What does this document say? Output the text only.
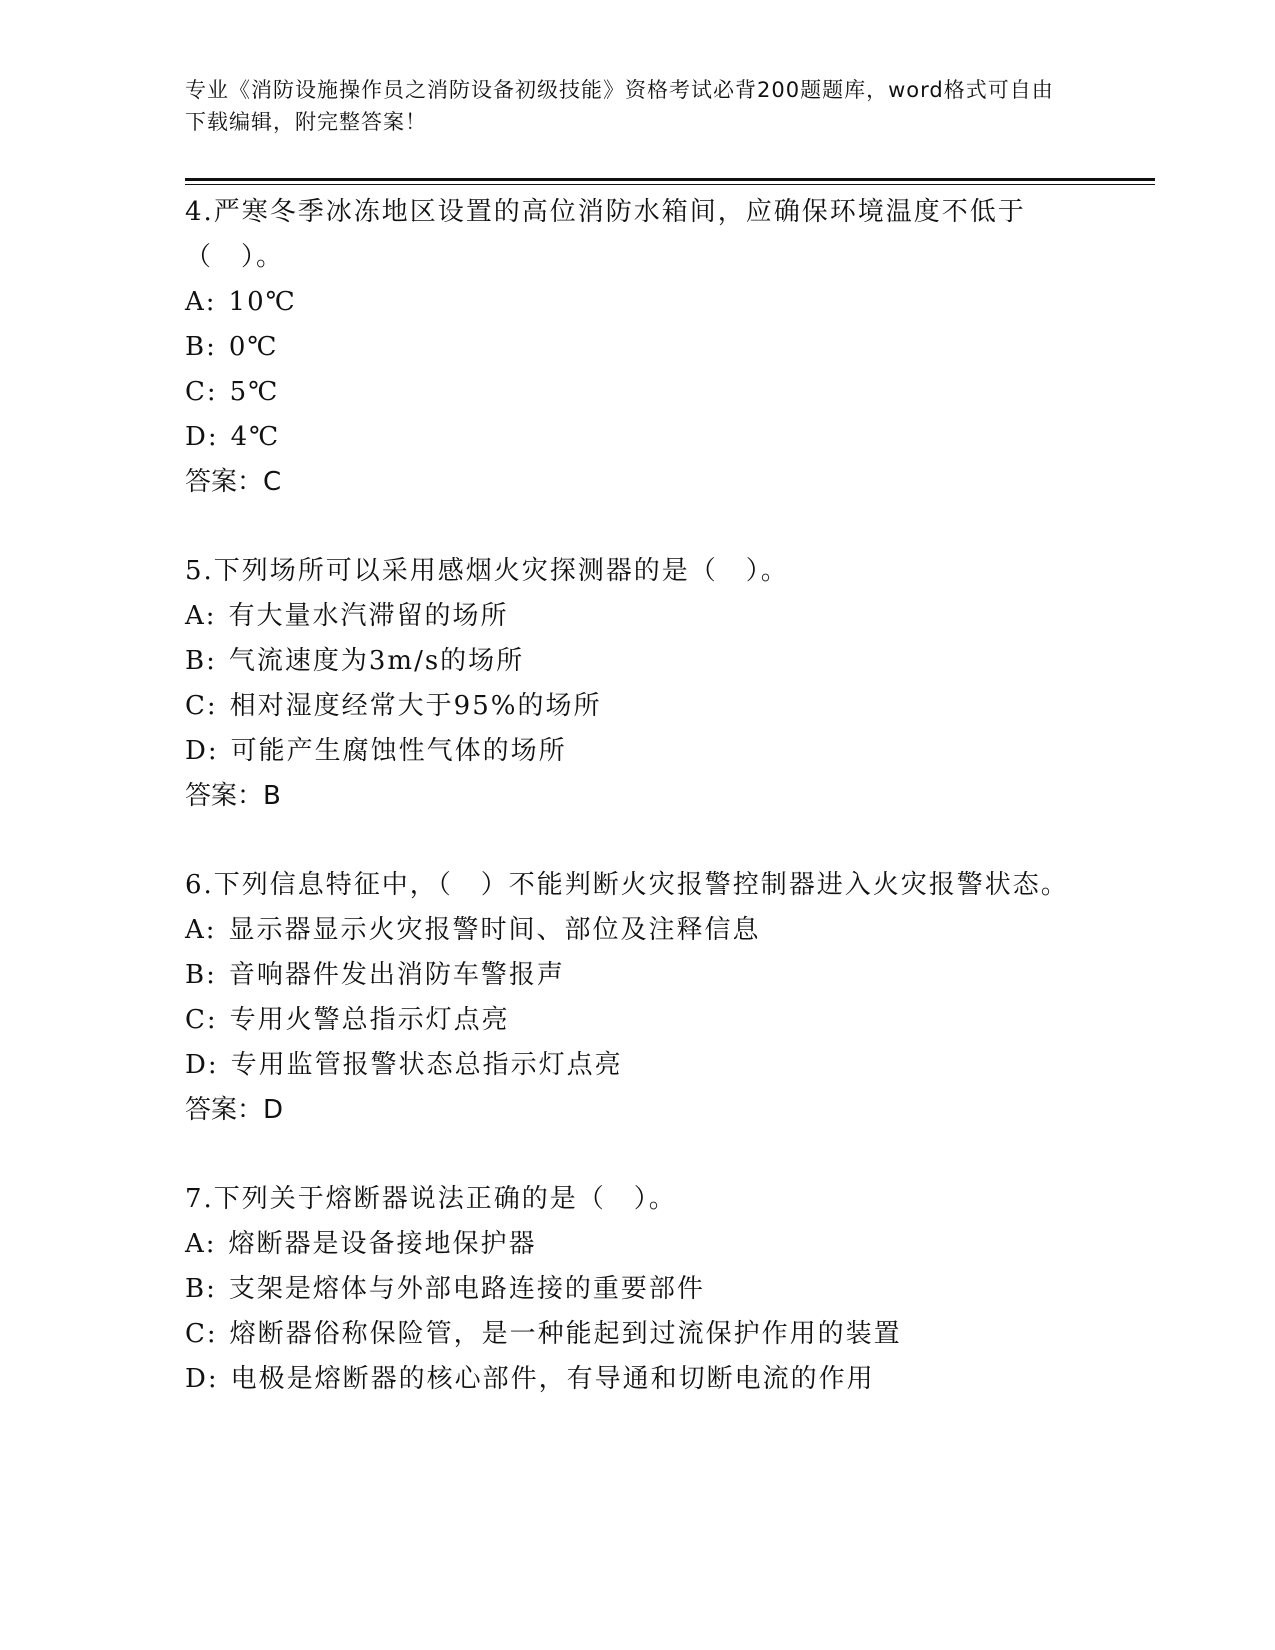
专业《消防设施操作员之消防设备初级技能》资格考试必背200题题库，word格式可自由下载编辑，附完整答案！
4.严寒冬季冰冻地区设置的高位消防水箱间，应确保环境温度不低于（　）。
A: 10℃
B: 0℃
C: 5℃
D: 4℃
答案：C
5.下列场所可以采用感烟火灾探测器的是（　）。
A: 有大量水汽滞留的场所
B: 气流速度为3m/s的场所
C: 相对湿度经常大于95%的场所
D: 可能产生腐蚀性气体的场所
答案：B
6.下列信息特征中，（　）不能判断火灾报警控制器进入火灾报警状态。
A: 显示器显示火灾报警时间、部位及注释信息
B: 音响器件发出消防车警报声
C: 专用火警总指示灯点亮
D: 专用监管报警状态总指示灯点亮
答案：D
7.下列关于熔断器说法正确的是（　）。
A: 熔断器是设备接地保护器
B: 支架是熔体与外部电路连接的重要部件
C: 熔断器俗称保险管，是一种能起到过流保护作用的装置
D: 电极是熔断器的核心部件，有导通和切断电流的作用
